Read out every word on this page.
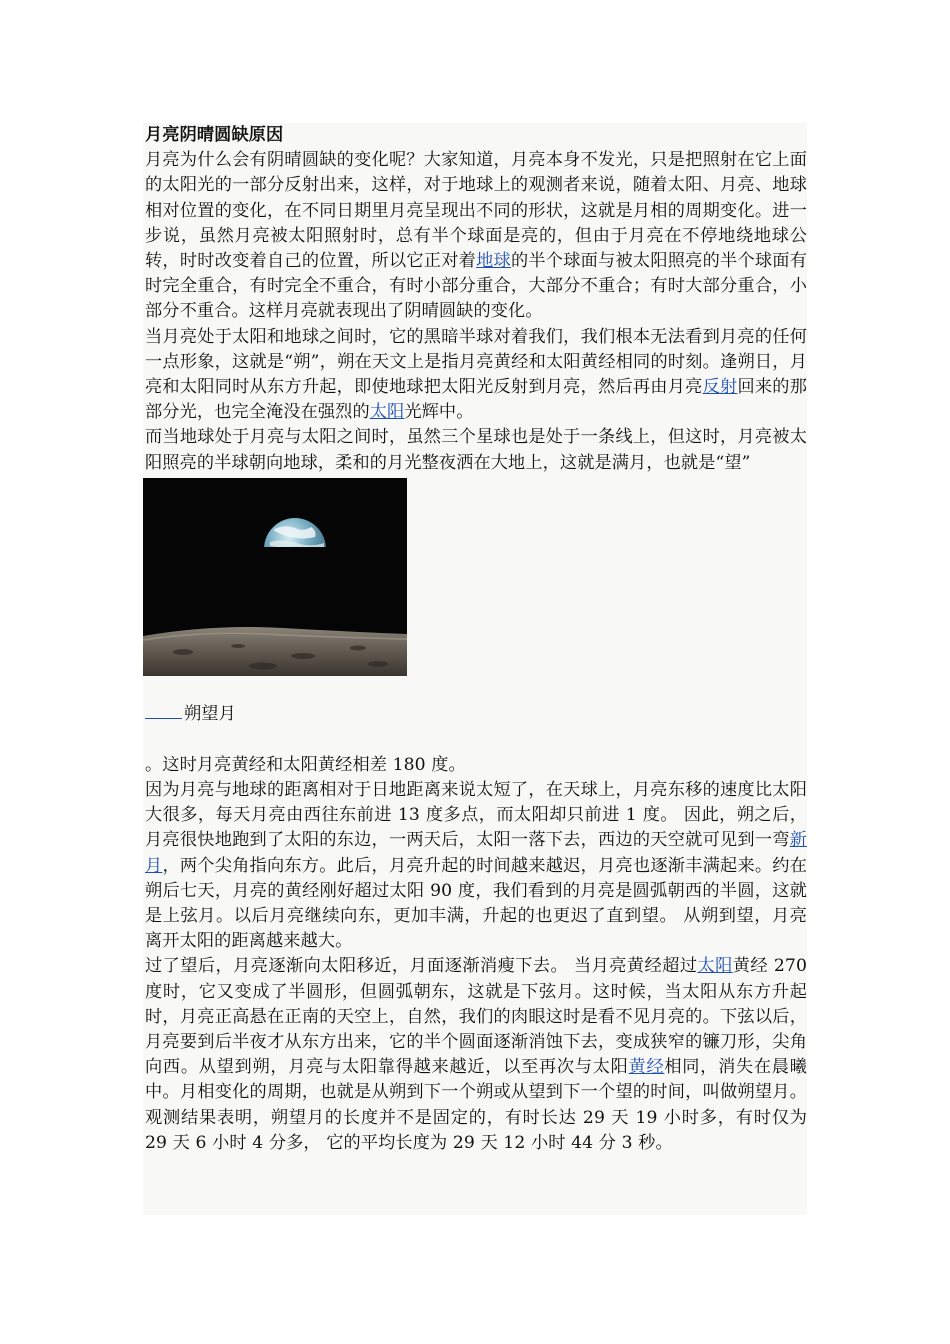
月亮阴晴圆缺原因

月亮为什么会有阴晴圆缺的变化呢？大家知道，月亮本身不发光，只是把照射在它上面的太阳光的一部分反射出来，这样，对于地球上的观测者来说，随着太阳、月亮、地球相对位置的变化，在不同日期里月亮呈现出不同的形状，这就是月相的周期变化。进一步说，虽然月亮被太阳照射时，总有半个球面是亮的，但由于月亮在不停地绕地球公转，时时改变着自己的位置，所以它正对着地球的半个球面与被太阳照亮的半个球面有时完全重合，有时完全不重合，有时小部分重合，大部分不重合；有时大部分重合，小部分不重合。这样月亮就表现出了阴晴圆缺的变化。

当月亮处于太阳和地球之间时，它的黑暗半球对着我们，我们根本无法看到月亮的任何一点形象，这就是“朔”，朔在天文上是指月亮黄经和太阳黄经相同的时刻。逢朔日，月亮和太阳同时从东方升起，即使地球把太阳光反射到月亮，然后再由月亮反射回来的那部分光，也完全淹没在强烈的太阳光辉中。

而当地球处于月亮与太阳之间时，虽然三个星球也是处于一条线上，但这时，月亮被太阳照亮的半球朝向地球，柔和的月光整夜洒在大地上，这就是满月，也就是“望”

朔望月

。这时月亮黄经和太阳黄经相差 180 度。

因为月亮与地球的距离相对于日地距离来说太短了，在天球上，月亮东移的速度比太阳大很多，每天月亮由西往东前进 13 度多点，而太阳却只前进 1 度。 因此，朔之后，月亮很快地跑到了太阳的东边，一两天后，太阳一落下去，西边的天空就可见到一弯新月，两个尖角指向东方。此后，月亮升起的时间越来越迟，月亮也逐渐丰满起来。约在朔后七天，月亮的黄经刚好超过太阳 90 度，我们看到的月亮是圆弧朝西的半圆，这就是上弦月。以后月亮继续向东，更加丰满，升起的也更迟了直到望。 从朔到望，月亮离开太阳的距离越来越大。

过了望后，月亮逐渐向太阳移近，月面逐渐消瘦下去。 当月亮黄经超过太阳黄经 270 度时，它又变成了半圆形，但圆弧朝东，这就是下弦月。这时候，当太阳从东方升起时，月亮正高悬在正南的天空上，自然，我们的肉眼这时是看不见月亮的。下弦以后，月亮要到后半夜才从东方出来，它的半个圆面逐渐消蚀下去，变成狭窄的镰刀形，尖角向西。从望到朔，月亮与太阳靠得越来越近，以至再次与太阳黄经相同，消失在晨曦中。月相变化的周期，也就是从朔到下一个朔或从望到下一个望的时间，叫做朔望月。观测结果表明，朔望月的长度并不是固定的，有时长达 29 天 19 小时多，有时仅为 29 天 6 小时 4 分多， 它的平均长度为 29 天 12 小时 44 分 3 秒。
